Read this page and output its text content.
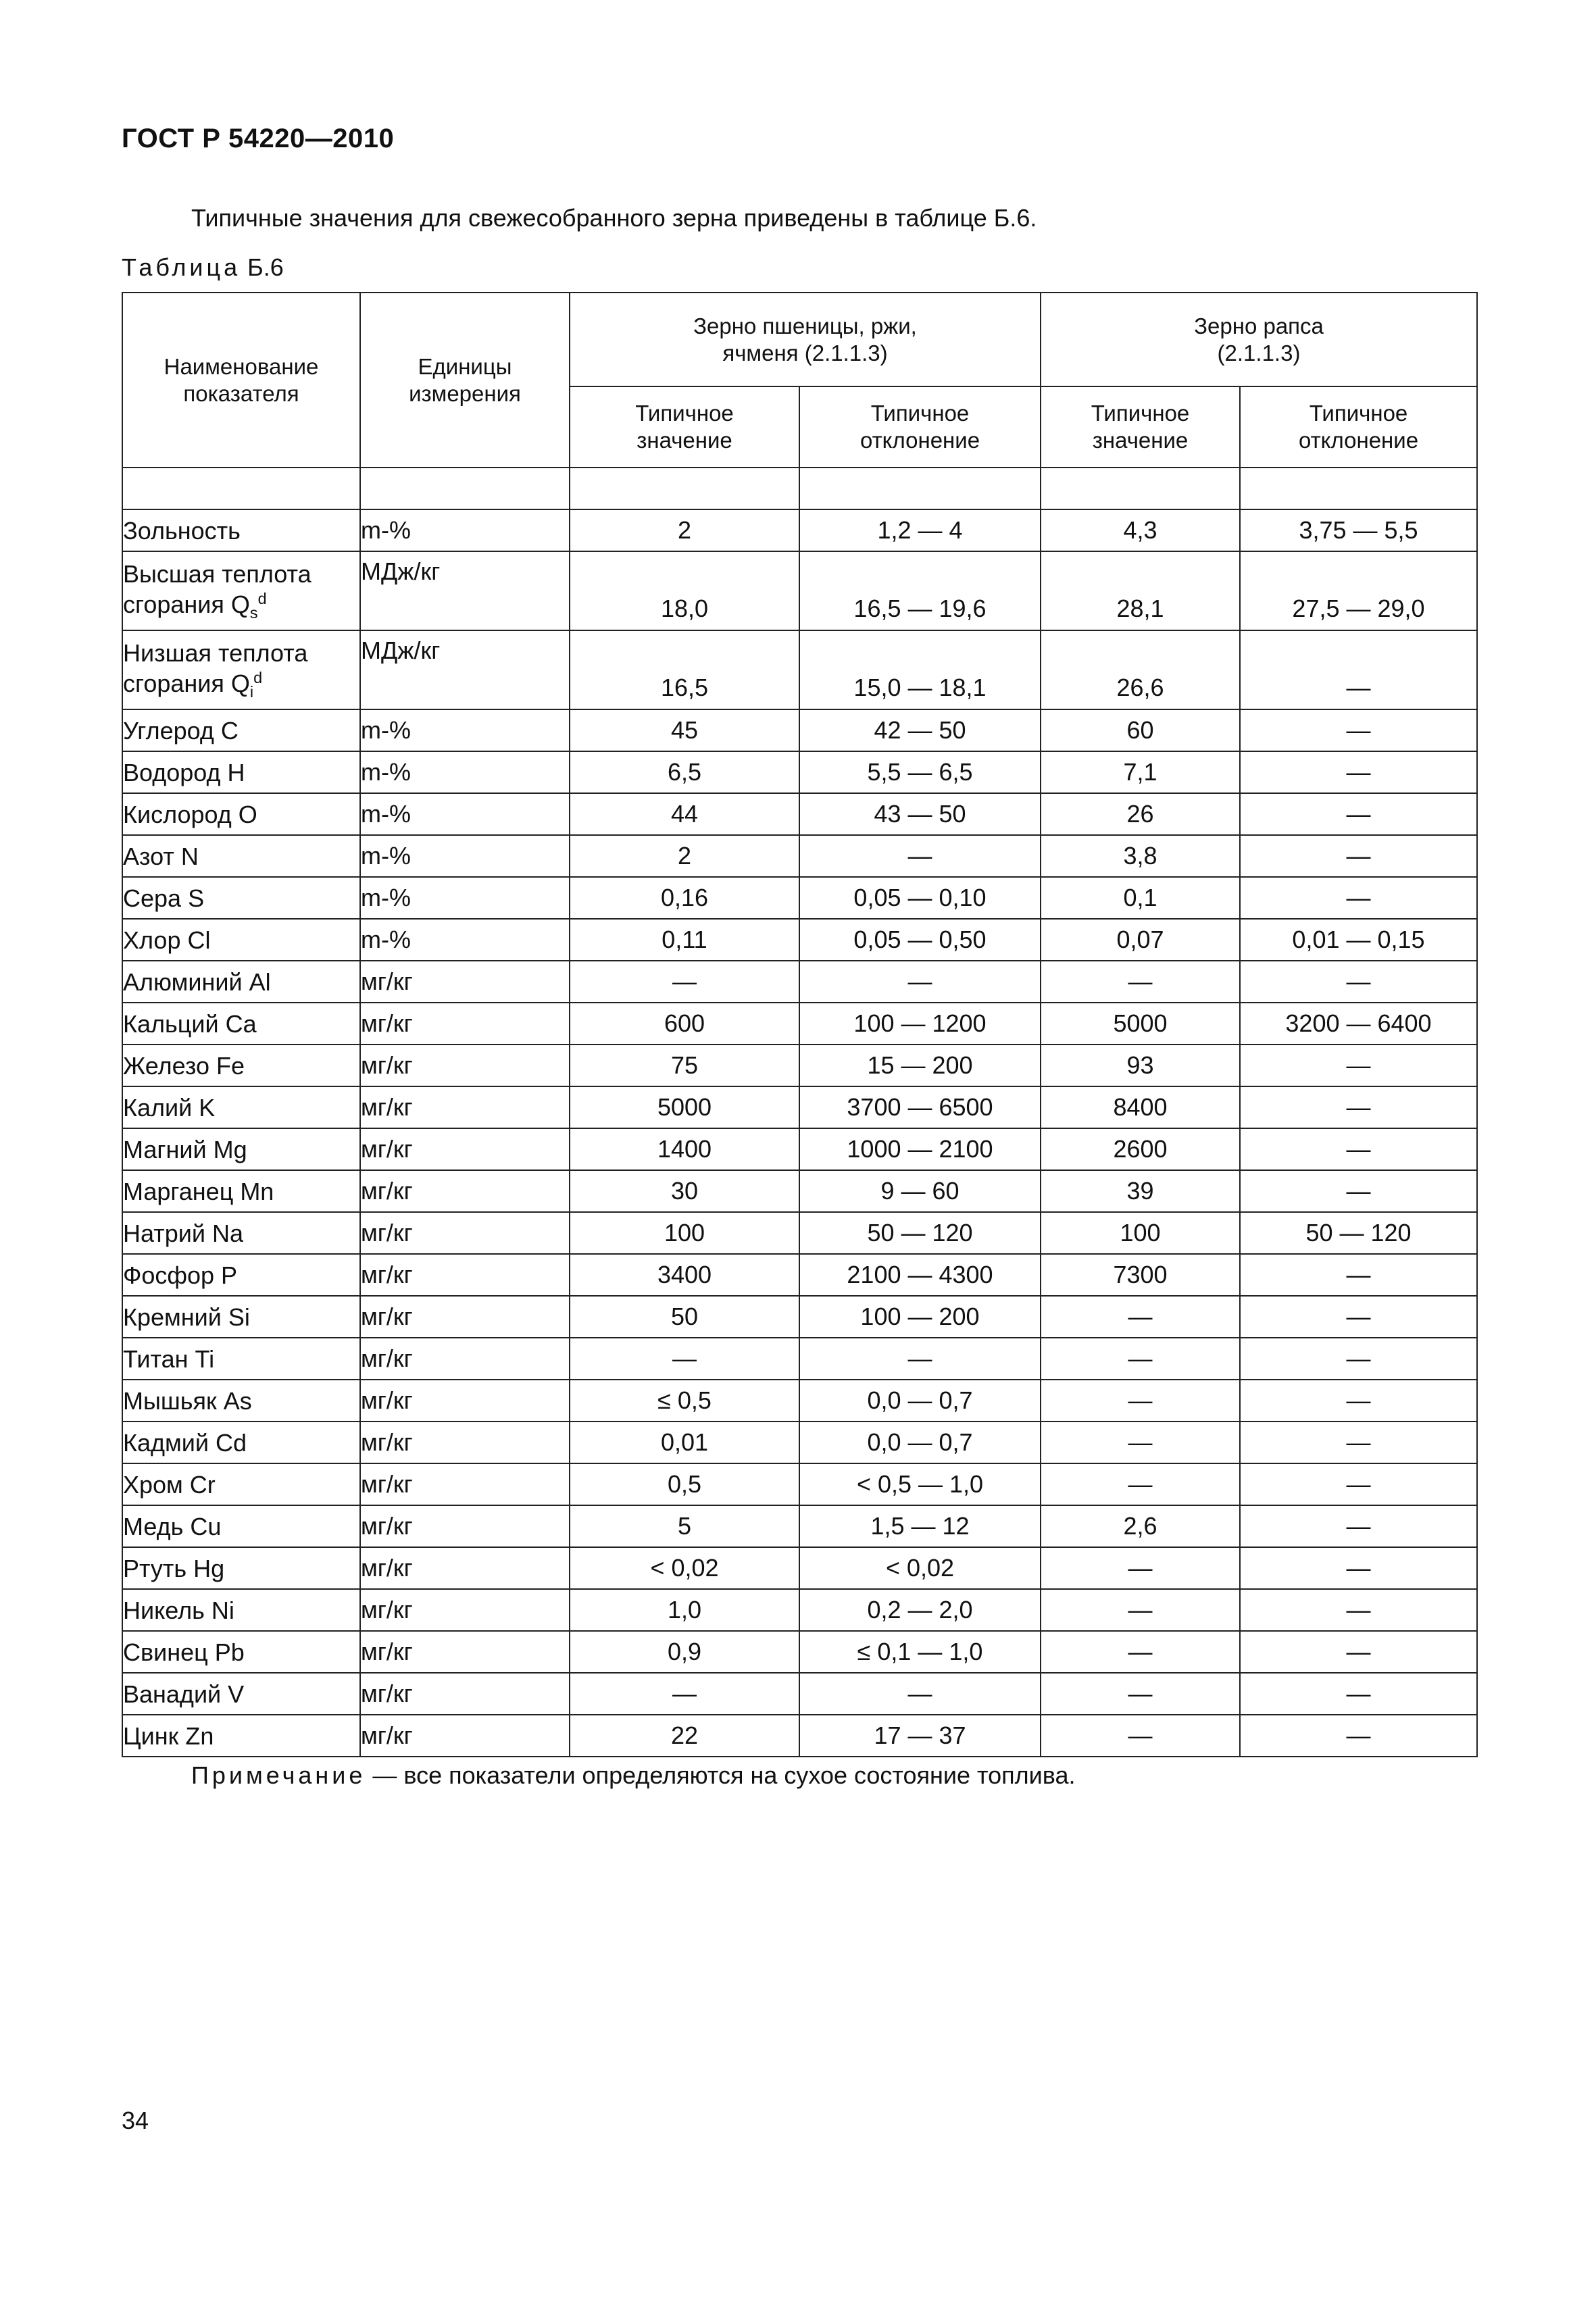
ГОСТ Р 54220—2010
Типичные значения для свежесобранного зерна приведены в таблице Б.6.
Таблица Б.6
Наименование показателя	Единицы измерения	Зерно пшеницы, ржи, ячменя (2.1.1.3)		Зерно рапса (2.1.1.3)	

		Типичное значение	Типичное отклонение	Типичное значение	Типичное отклонение

Зольность	m-%	2	1,2 — 4	4,3	3,75 — 5,5
Высшая теплота сгорания $Q_s^d$	МДж/кг	18,0	16,5 — 19,6	28,1	27,5 — 29,0
Низшая теплота сгорания $Q_i^d$	МДж/кг	16,5	15,0 — 18,1	26,6	—
Углерод C	m-%	45	42 — 50	60	—
Водород H	m-%	6,5	5,5 — 6,5	7,1	—
Кислород O	m-%	44	43 — 50	26	—
Азот N	m-%	2	—	3,8	—
Сера S	m-%	0,16	0,05 — 0,10	0,1	—
Хлор Cl	m-%	0,11	0,05 — 0,50	0,07	0,01 — 0,15
Алюминий Al	мг/кг	—	—	—	—
Кальций Ca	мг/кг	600	100 — 1200	5000	3200 — 6400
Железо Fe	мг/кг	75	15 — 200	93	—
Калий K	мг/кг	5000	3700 — 6500	8400	—
Магний Mg	мг/кг	1400	1000 — 2100	2600	—
Марганец Mn	мг/кг	30	9 — 60	39	—
Натрий Na	мг/кг	100	50 — 120	100	50 — 120
Фосфор P	мг/кг	3400	2100 — 4300	7300	—
Кремний Si	мг/кг	50	100 — 200	—	—
Титан Ti	мг/кг	—	—	—	—
Мышьяк As	мг/кг	≤ 0,5	0,0 — 0,7	—	—
Кадмий Cd	мг/кг	0,01	0,0 — 0,7	—	—
Хром Cr	мг/кг	0,5	< 0,5 — 1,0	—	—
Медь Cu	мг/кг	5	1,5 — 12	2,6	—
Ртуть Hg	мг/кг	< 0,02	< 0,02	—	—
Никель Ni	мг/кг	1,0	0,2 — 2,0	—	—
Свинец Pb	мг/кг	0,9	≤ 0,1 — 1,0	—	—
Ванадий V	мг/кг	—	—	—	—
Цинк Zn	мг/кг	22	17 — 37	—	—
Примечание — все показатели определяются на сухое состояние топлива.
34
